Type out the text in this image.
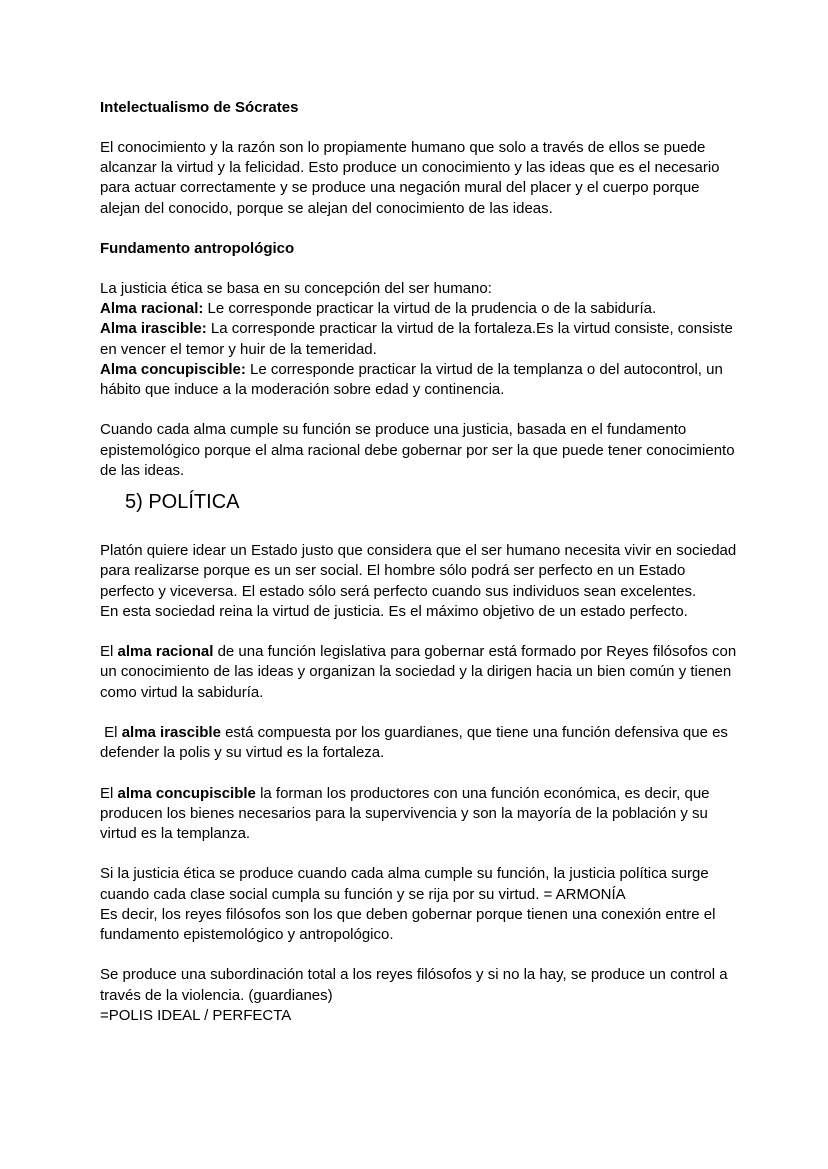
Intelectualismo de Sócrates

El conocimiento y la razón son lo propiamente humano que solo a través de ellos se puede alcanzar la virtud y la felicidad. Esto produce un conocimiento y las ideas que es el necesario para actuar correctamente y se produce una negación mural del placer y el cuerpo porque alejan del conocido, porque se alejan del conocimiento de las ideas.

Fundamento antropológico

La justicia ética se basa en su concepción del ser humano:
Alma racional: Le corresponde practicar la virtud de la prudencia o de la sabiduría.
Alma irascible: La corresponde practicar la virtud de la fortaleza.Es la virtud consiste, consiste en vencer el temor y huir de la temeridad.
Alma concupiscible: Le corresponde practicar la virtud de la templanza o del autocontrol, un hábito que induce a la moderación sobre edad y continencia.

Cuando cada alma cumple su función se produce una justicia, basada en el fundamento epistemológico porque el alma racional debe gobernar por ser la que puede tener conocimiento de las ideas.

5) POLÍTICA

Platón quiere idear un Estado justo que considera que el ser humano necesita vivir en sociedad para realizarse porque es un ser social. El hombre sólo podrá ser perfecto en un Estado perfecto y viceversa. El estado sólo será perfecto cuando sus individuos sean excelentes.
En esta sociedad reina la virtud de justicia. Es el máximo objetivo de un estado perfecto.

El alma racional de una función legislativa para gobernar está formado por Reyes filósofos con un conocimiento de las ideas y organizan la sociedad y la dirigen hacia un bien común y tienen como virtud la sabiduría.

El alma irascible está compuesta por los guardianes, que tiene una función defensiva que es defender la polis y su virtud es la fortaleza.

El alma concupiscible la forman los productores con una función económica, es decir, que producen los bienes necesarios para la supervivencia y son la mayoría de la población y su virtud es la templanza.

Si la justicia ética se produce cuando cada alma cumple su función, la justicia política surge cuando cada clase social cumpla su función y se rija por su virtud. = ARMONÍA
Es decir, los reyes filósofos son los que deben gobernar porque tienen una conexión entre el fundamento epistemológico y antropológico.

Se produce una subordinación total a los reyes filósofos y si no la hay, se produce un control a través de la violencia. (guardianes)
=POLIS IDEAL / PERFECTA
